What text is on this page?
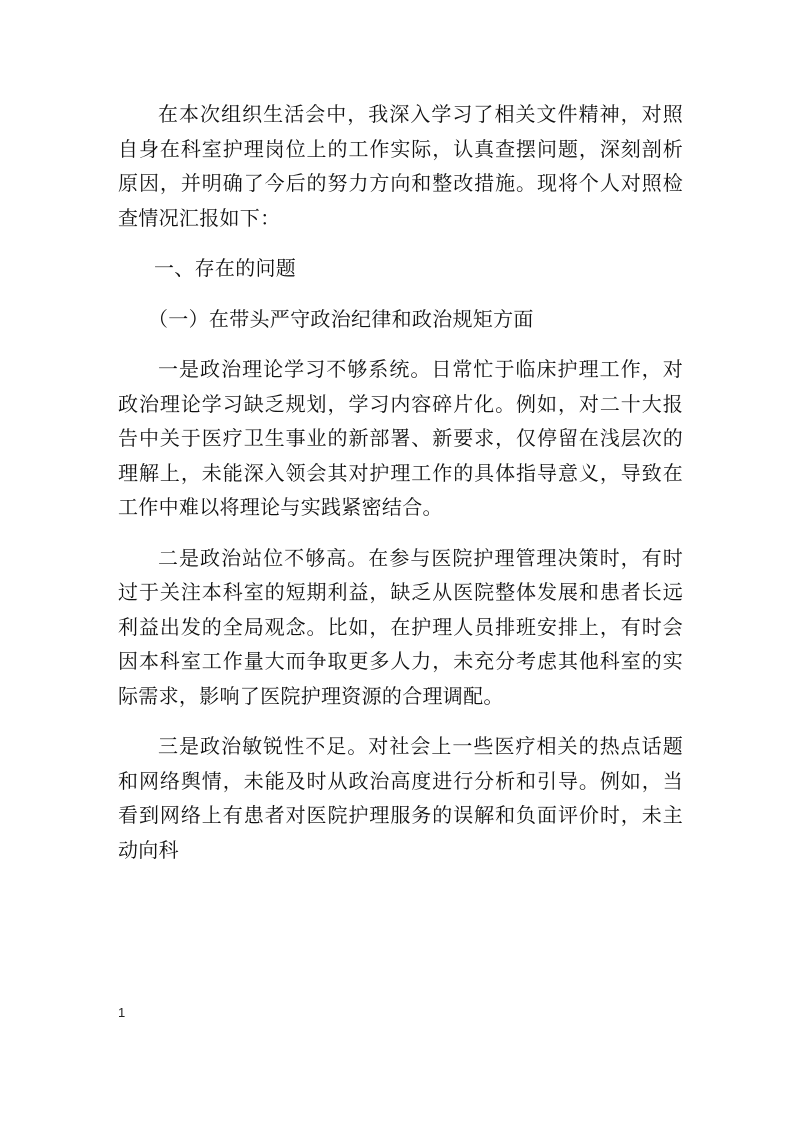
在本次组织生活会中，我深入学习了相关文件精神，对照自身在科室护理岗位上的工作实际，认真查摆问题，深刻剖析原因，并明确了今后的努力方向和整改措施。现将个人对照检查情况汇报如下：

一、存在的问题

（一）在带头严守政治纪律和政治规矩方面

一是政治理论学习不够系统。日常忙于临床护理工作，对政治理论学习缺乏规划，学习内容碎片化。例如，对二十大报告中关于医疗卫生事业的新部署、新要求，仅停留在浅层次的理解上，未能深入领会其对护理工作的具体指导意义，导致在工作中难以将理论与实践紧密结合。

二是政治站位不够高。在参与医院护理管理决策时，有时过于关注本科室的短期利益，缺乏从医院整体发展和患者长远利益出发的全局观念。比如，在护理人员排班安排上，有时会因本科室工作量大而争取更多人力，未充分考虑其他科室的实际需求，影响了医院护理资源的合理调配。

三是政治敏锐性不足。对社会上一些医疗相关的热点话题和网络舆情，未能及时从政治高度进行分析和引导。例如，当看到网络上有患者对医院护理服务的误解和负面评价时，未主动向科

1
